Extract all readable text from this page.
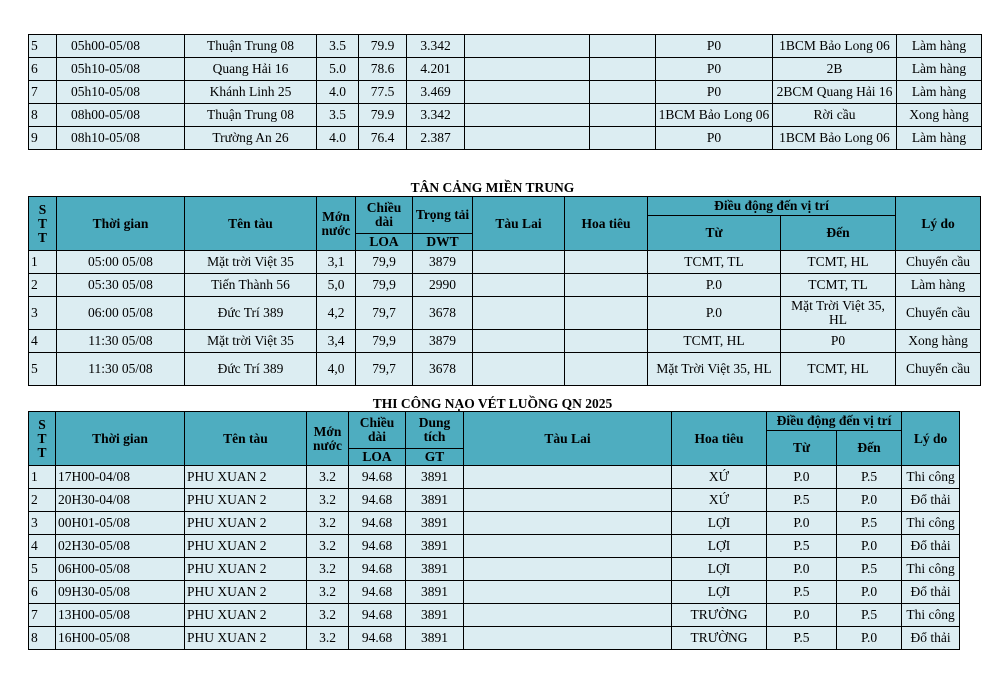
5	05h00-05/08	Thuận Trung 08	3.5	79.9	3.342			P0	1BCM Bảo Long 06	Làm hàng
6	05h10-05/08	Quang Hải 16	5.0	78.6	4.201			P0	2B	Làm hàng
7	05h10-05/08	Khánh Linh 25	4.0	77.5	3.469			P0	2BCM Quang Hải 16	Làm hàng
8	08h00-05/08	Thuận Trung 08	3.5	79.9	3.342			1BCM Bảo Long 06	Rời cầu	Xong hàng
9	08h10-05/08	Trường An 26	4.0	76.4	2.387			P0	1BCM Bảo Long 06	Làm hàng
TÂN CẢNG MIỀN TRUNG
S
T
T	Thời gian	Tên tàu	Mớn nước	Chiều dài	Trọng tải	Tàu Lai	Hoa tiêu	Điều động đến vị trí		Lý do
								Từ	Đến	
				LOA	DWT					
1	05:00 05/08	Mặt trời Việt 35	3,1	79,9	3879			TCMT, TL	TCMT, HL	Chuyển cầu
2	05:30 05/08	Tiến Thành 56	5,0	79,9	2990			P.0	TCMT, TL	Làm hàng
3	06:00 05/08	Đức Trí 389	4,2	79,7	3678			P.0	Mặt Trời Việt 35, HL	Chuyển cầu
4	11:30 05/08	Mặt trời Việt 35	3,4	79,9	3879			TCMT, HL	P0	Xong hàng
5	11:30 05/08	Đức Trí 389	4,0	79,7	3678			Mặt Trời Việt 35, HL	TCMT, HL	Chuyển cầu
THI CÔNG NẠO VÉT LUỒNG QN 2025
S
T
T	Thời gian	Tên tàu	Mớn nước	Chiều dài	Dung tích	Tàu Lai	Hoa tiêu	Điều động đến vị trí		Lý do
								Từ	Đến	
				LOA	GT					
1	17H00-04/08	PHU XUAN 2	3.2	94.68	3891		XỨ	P.0	P.5	Thi công
2	20H30-04/08	PHU XUAN 2	3.2	94.68	3891		XỨ	P.5	P.0	Đổ thải
3	00H01-05/08	PHU XUAN 2	3.2	94.68	3891		LỢI	P.0	P.5	Thi công
4	02H30-05/08	PHU XUAN 2	3.2	94.68	3891		LỢI	P.5	P.0	Đổ thải
5	06H00-05/08	PHU XUAN 2	3.2	94.68	3891		LỢI	P.0	P.5	Thi công
6	09H30-05/08	PHU XUAN 2	3.2	94.68	3891		LỢI	P.5	P.0	Đổ thải
7	13H00-05/08	PHU XUAN 2	3.2	94.68	3891		TRƯỜNG	P.0	P.5	Thi công
8	16H00-05/08	PHU XUAN 2	3.2	94.68	3891		TRƯỜNG	P.5	P.0	Đổ thải
